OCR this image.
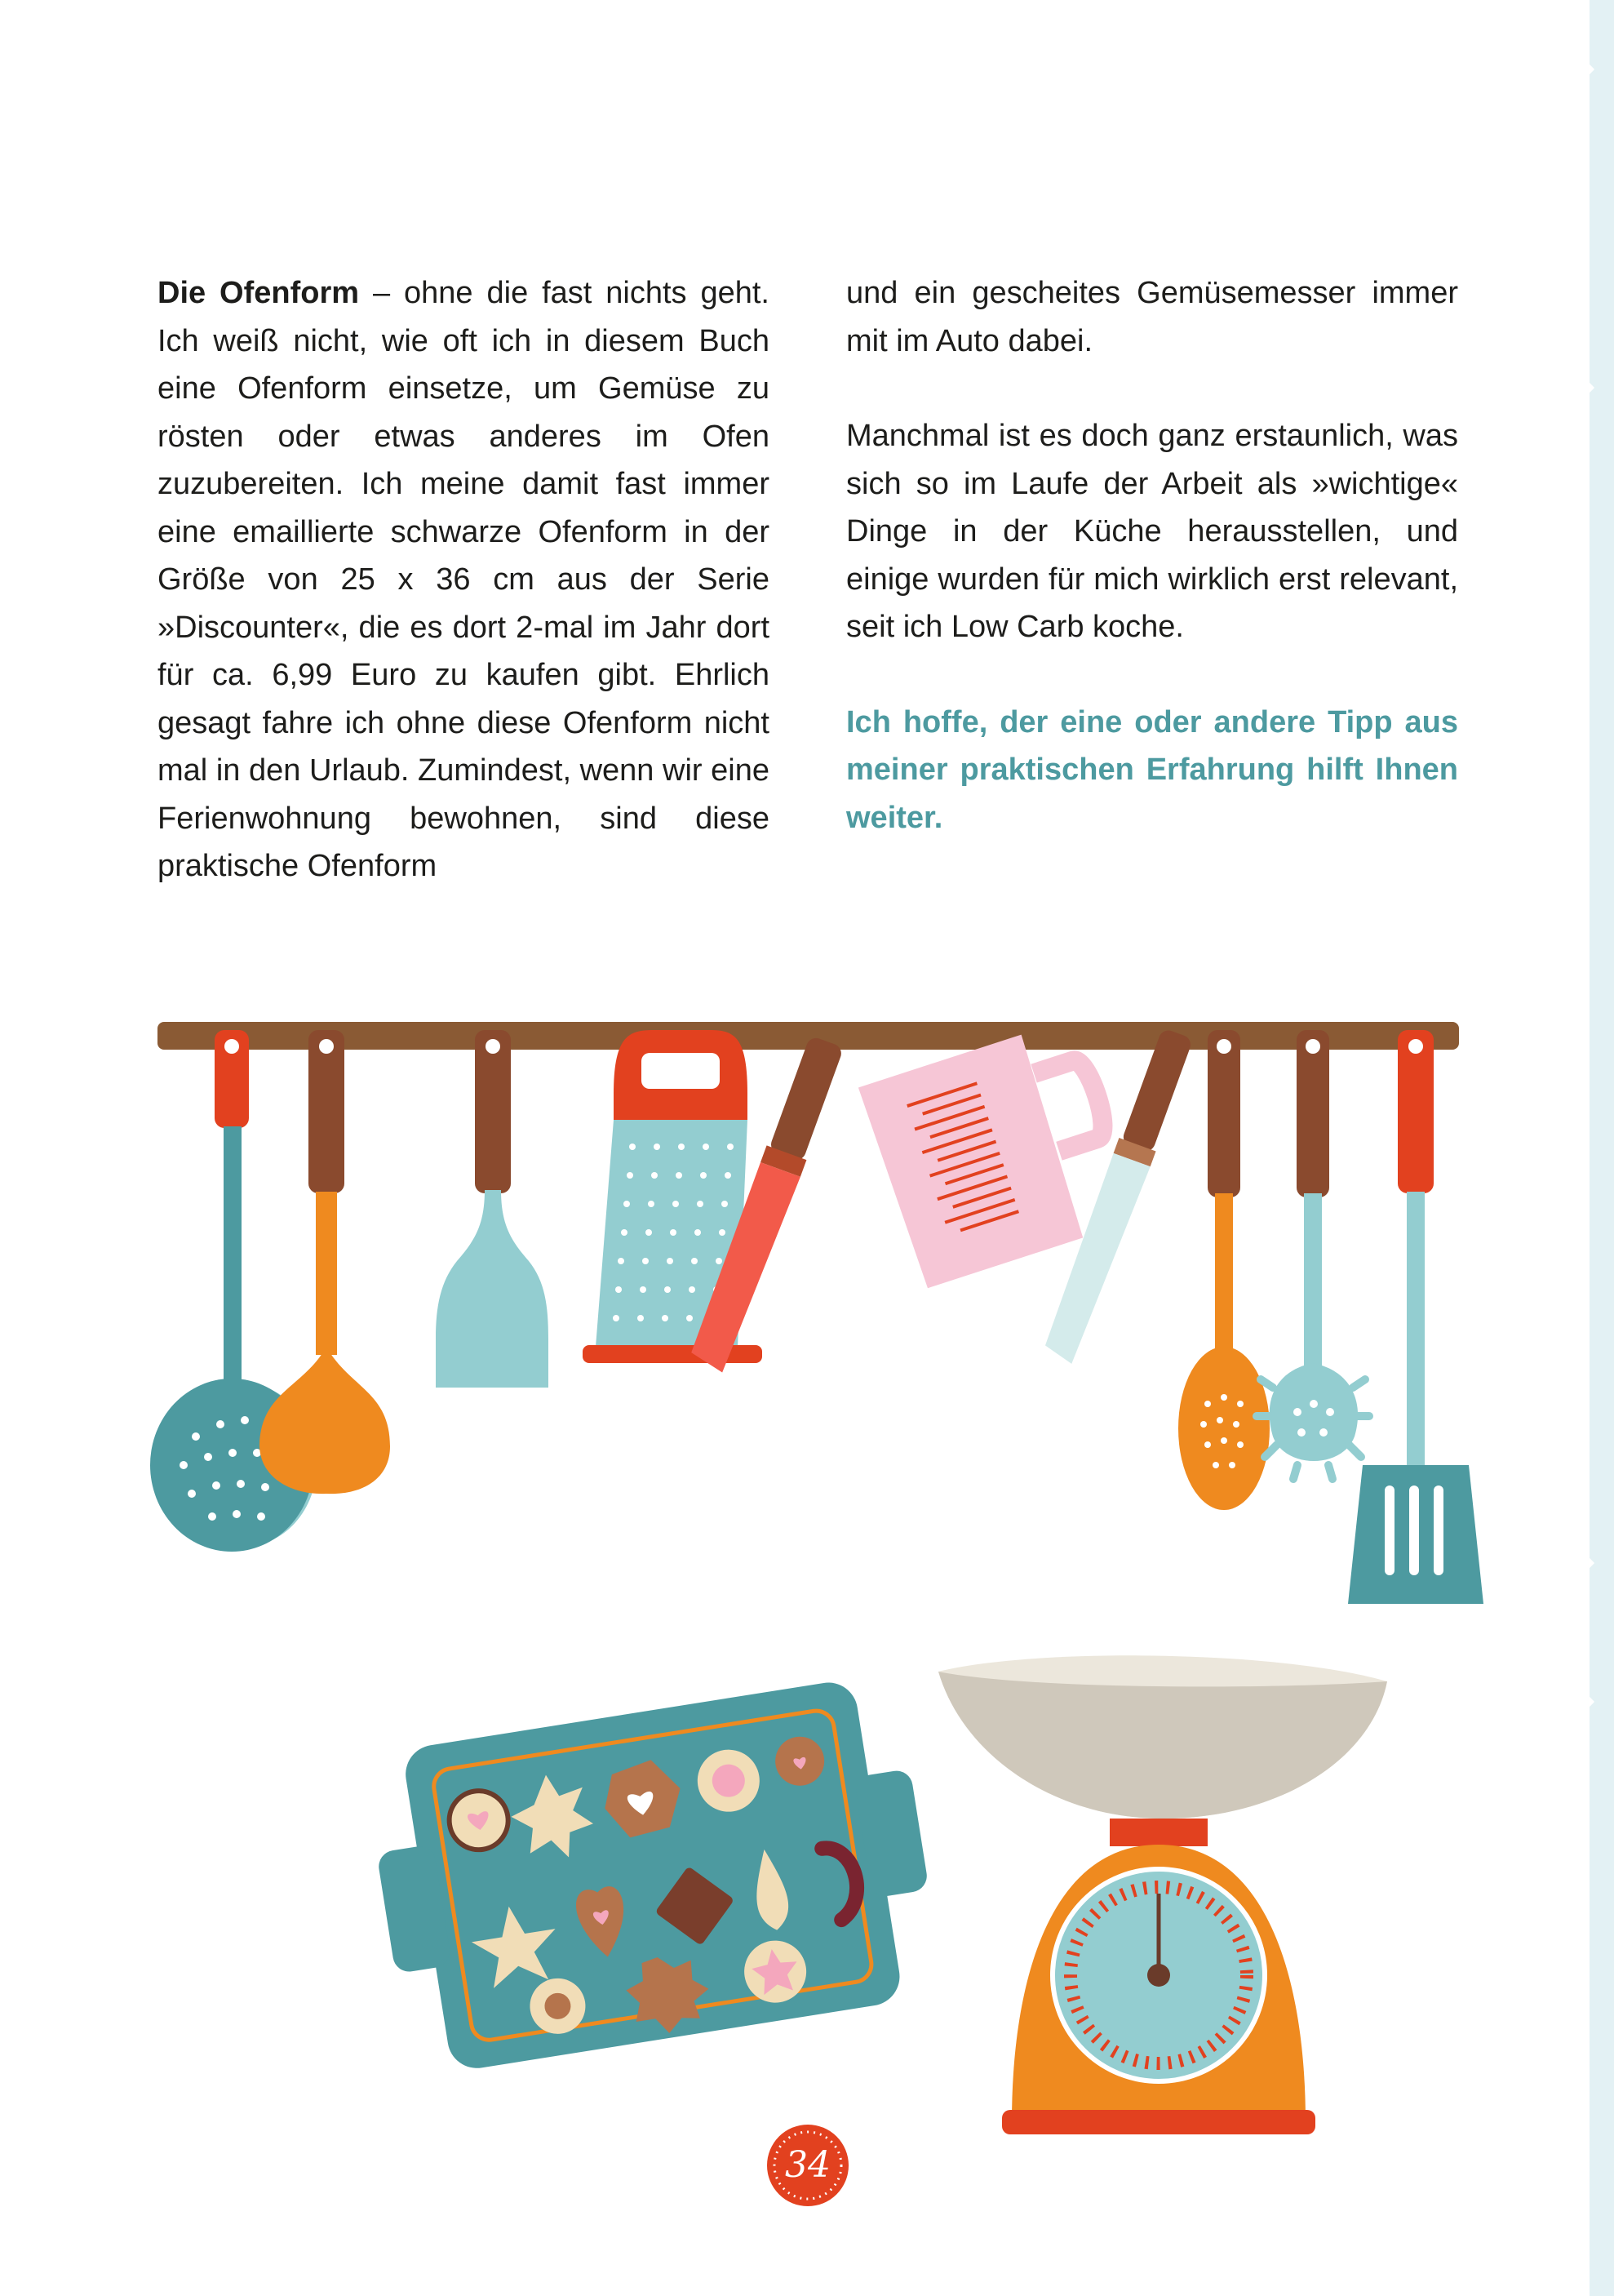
Die Ofenform – ohne die fast nichts geht. Ich weiß nicht, wie oft ich in diesem Buch eine Ofenform einsetze, um Gemüse zu rösten oder etwas anderes im Ofen zuzubereiten. Ich meine damit fast immer eine emaillierte schwarze Ofenform in der Größe von 25 x 36 cm aus der Serie »Discounter«, die es dort 2-mal im Jahr dort für ca. 6,99 Euro zu kaufen gibt. Ehrlich gesagt fahre ich ohne diese Ofenform nicht mal in den Urlaub. Zumindest, wenn wir eine Ferienwohnung bewohnen, sind diese praktische Ofenform

und ein gescheites Gemüsemesser immer mit im Auto dabei.

Manchmal ist es doch ganz erstaunlich, was sich so im Laufe der Arbeit als »wichtige« Dinge in der Küche herausstellen, und einige wurden für mich wirklich erst relevant, seit ich Low Carb koche.

Ich hoffe, der eine oder andere Tipp aus meiner praktischen Erfahrung hilft Ihnen weiter.

34
